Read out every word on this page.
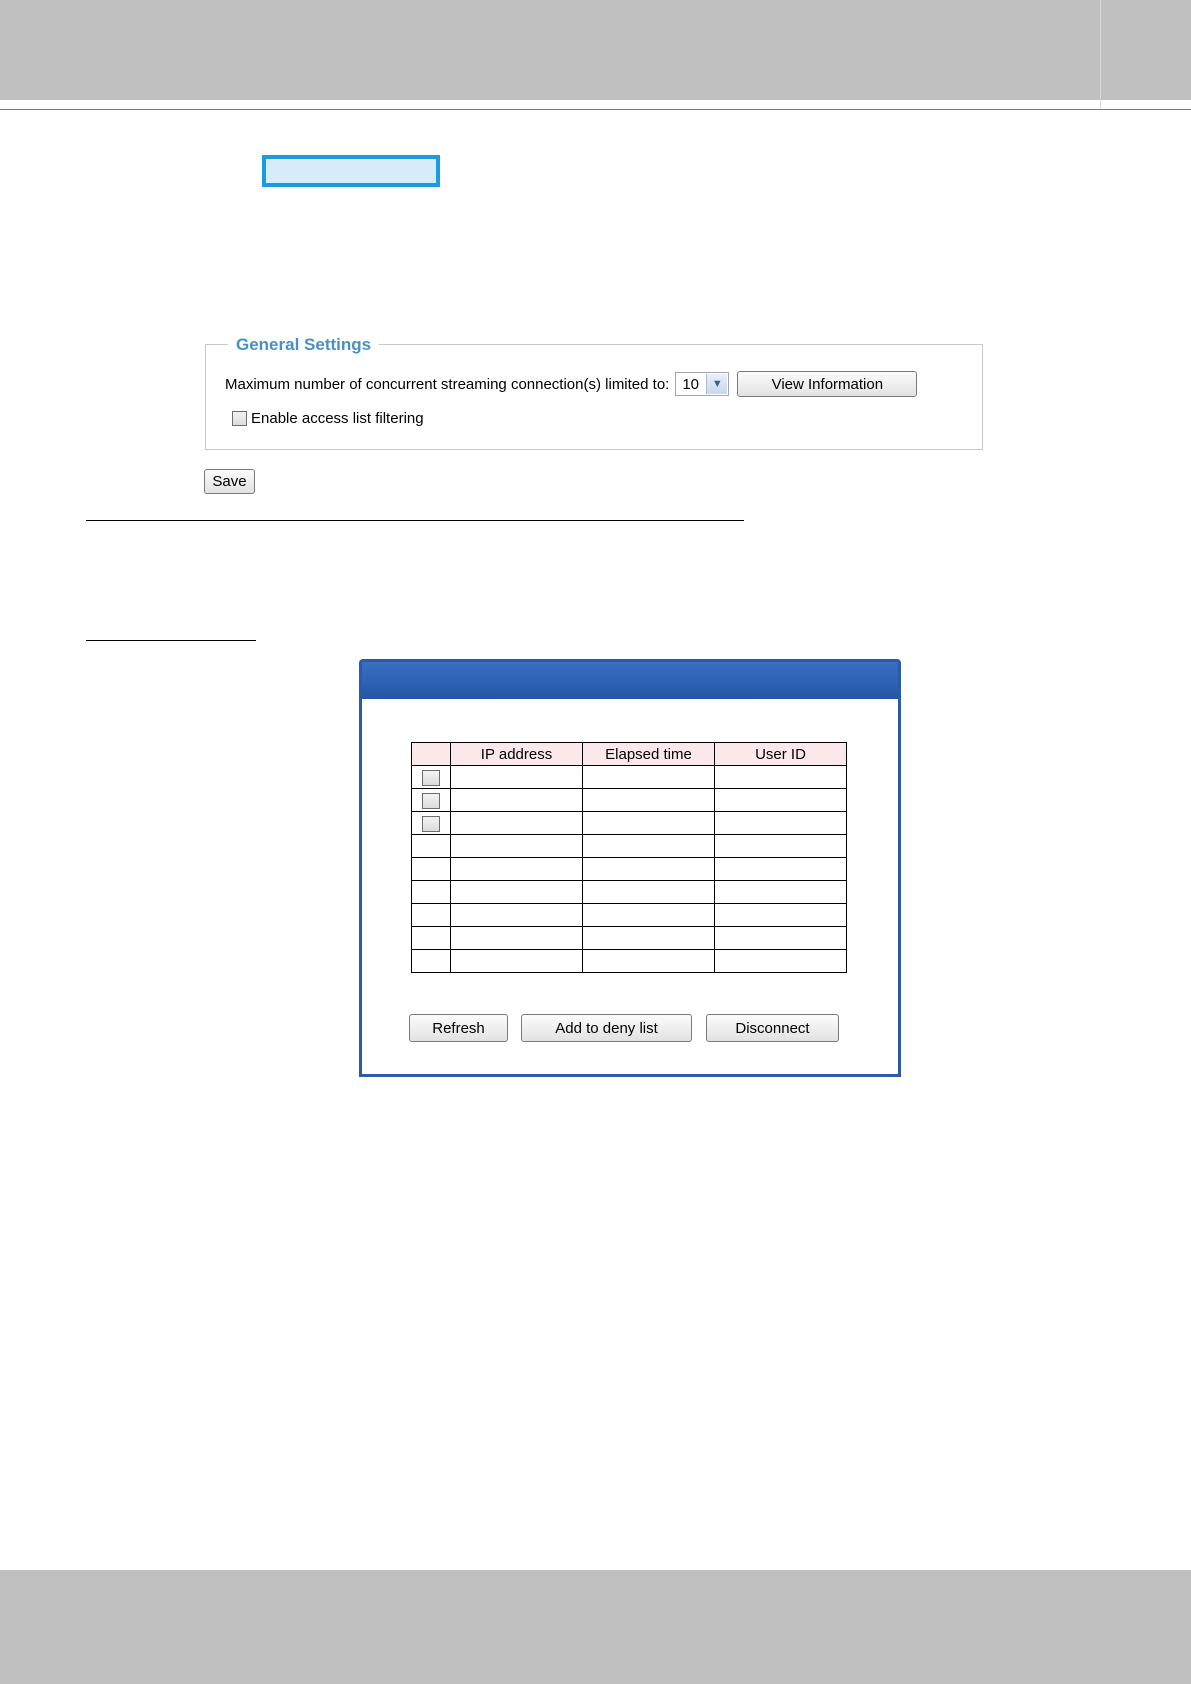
General Settings
Maximum number of concurrent streaming connection(s) limited to: 10	▼	View Information
Enable access list filtering
Save
	IP address	Elapsed time	User ID

Refresh	Add to deny list	Disconnect
